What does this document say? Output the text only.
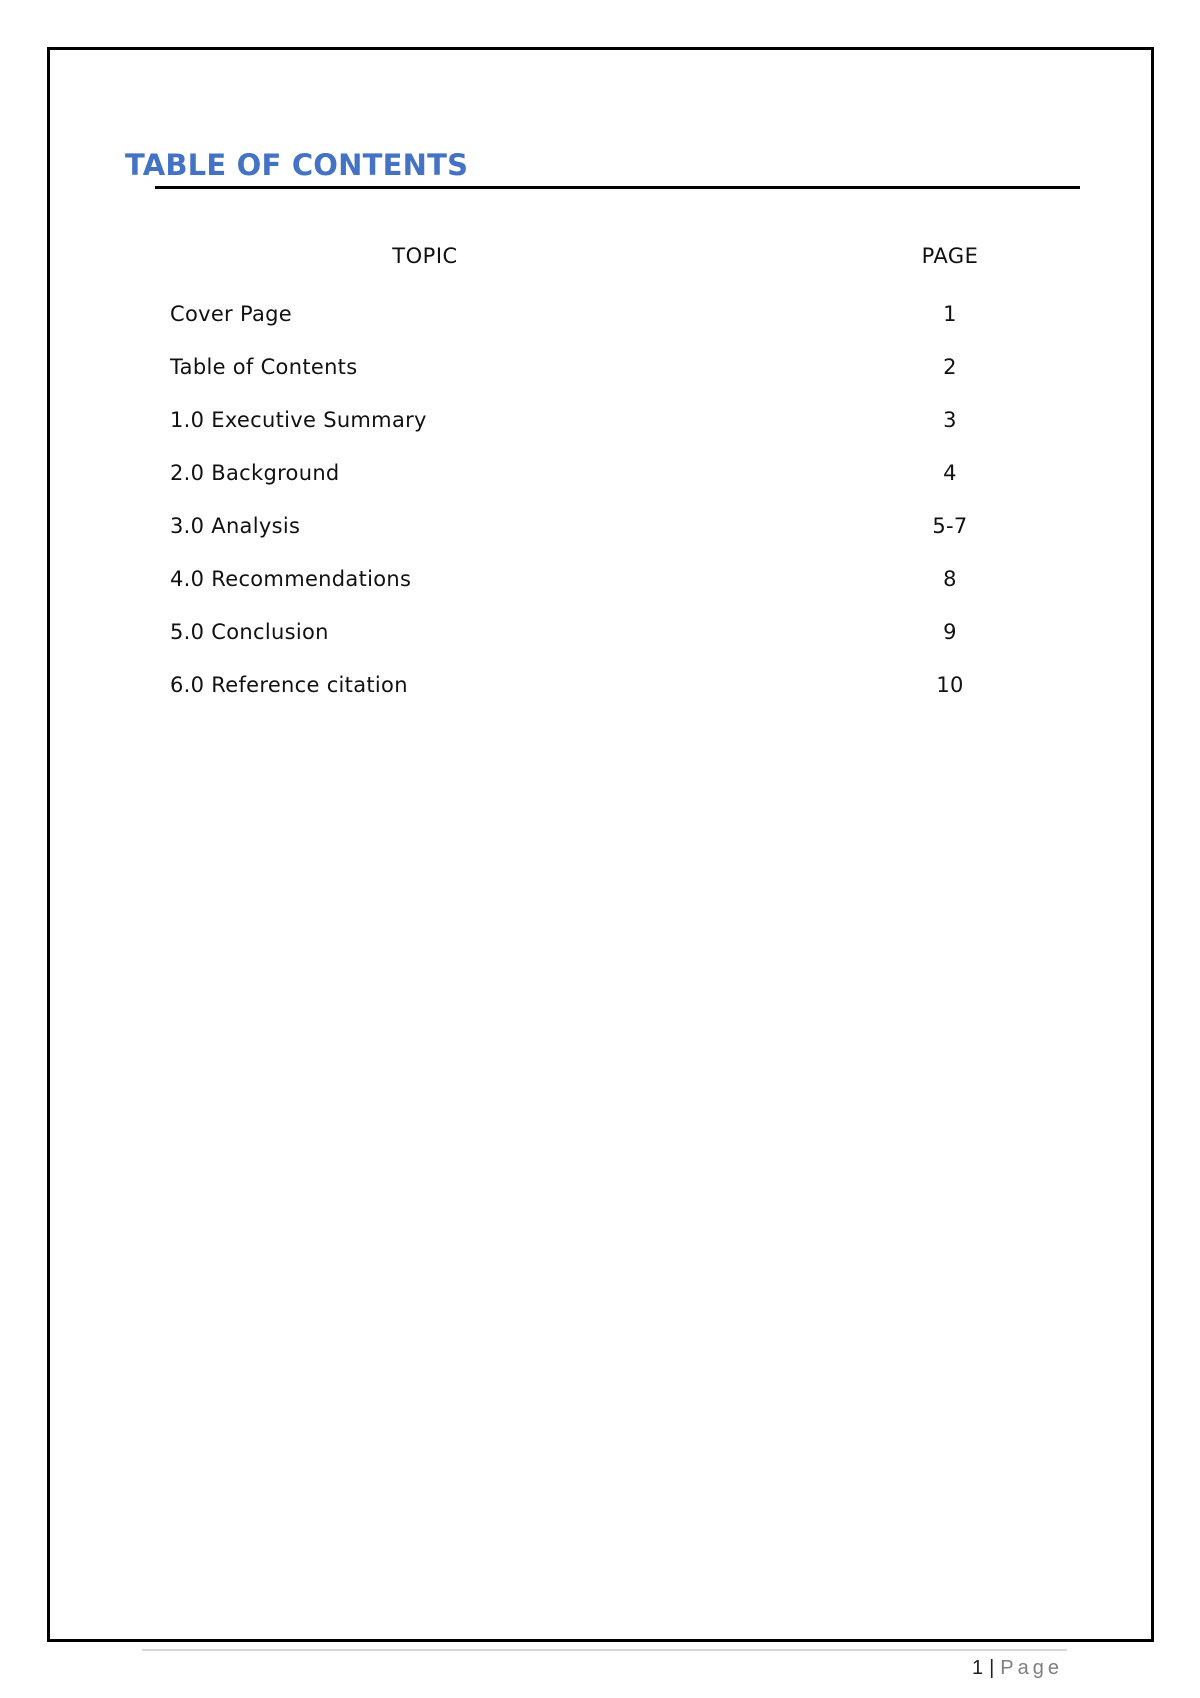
TABLE OF CONTENTS
TOPIC	PAGE
Cover Page	1
Table of Contents	2
1.0 Executive Summary	3
2.0 Background	4
3.0 Analysis	5-7
4.0 Recommendations	8
5.0 Conclusion	9
6.0 Reference citation	10
1 | Page
